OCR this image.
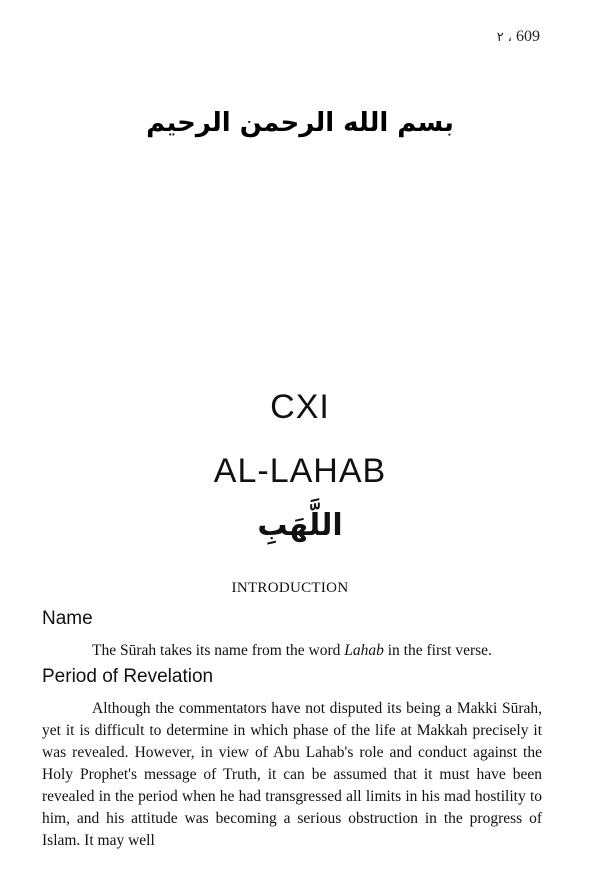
٢ ، 609
بسم الله الرحمن الرحيم
CXI
AL-LAHAB
اللَّهَبِ
INTRODUCTION
Name
The Sūrah takes its name from the word Lahab in the first verse.
Period of Revelation
Although the commentators have not disputed its being a Makki Sūrah, yet it is difficult to determine in which phase of the life at Makkah precisely it was revealed. However, in view of Abu Lahab's role and conduct against the Holy Prophet's message of Truth, it can be assumed that it must have been revealed in the period when he had transgressed all limits in his mad hostility to him, and his attitude was becoming a serious obstruction in the progress of Islam. It may well
